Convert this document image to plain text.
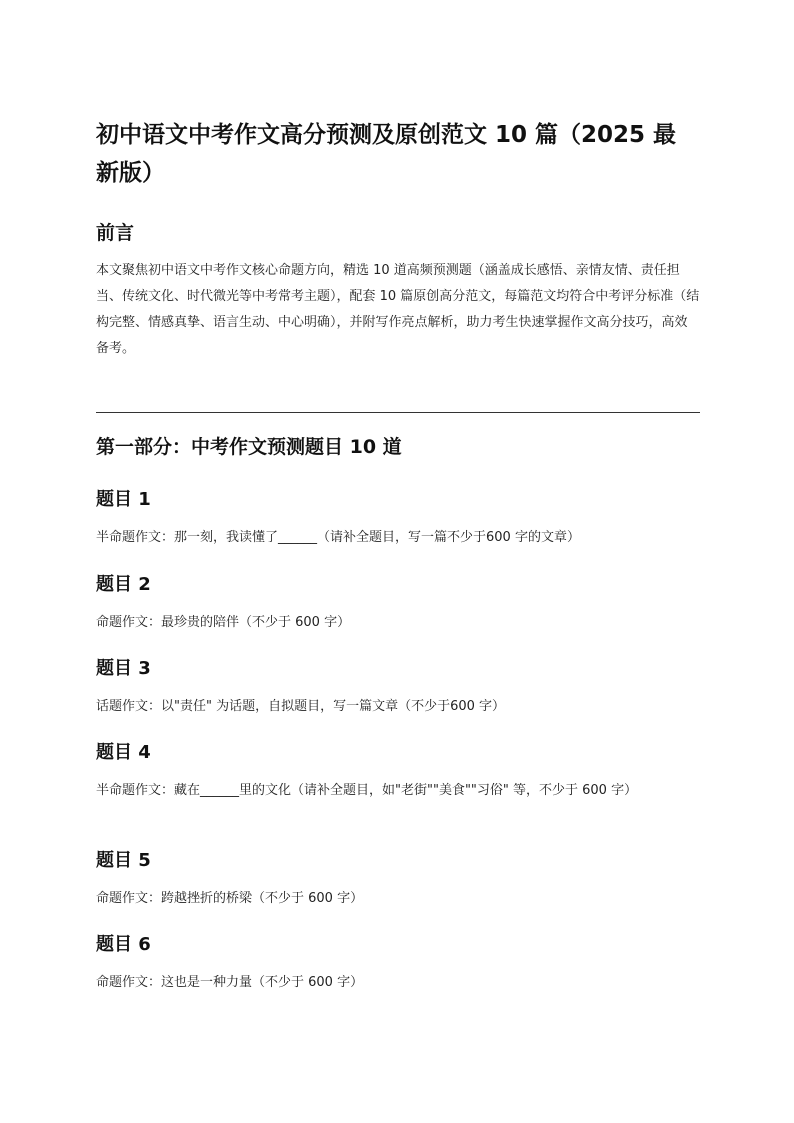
初中语文中考作文高分预测及原创范文 10 篇（2025 最新版）
前言

本文聚焦初中语文中考作文核心命题方向，精选 10 道高频预测题（涵盖成长感悟、亲情友情、责任担当、传统文化、时代微光等中考常考主题），配套 10 篇原创高分范文，每篇范文均符合中考评分标准（结构完整、情感真挚、语言生动、中心明确），并附写作亮点解析，助力考生快速掌握作文高分技巧，高效备考。

第一部分：中考作文预测题目 10 道
题目 1

半命题作文：那一刻，我读懂了______（请补全题目，写一篇不少于600 字的文章）

题目 2

命题作文：最珍贵的陪伴（不少于 600 字）

题目 3

话题作文：以"责任" 为话题，自拟题目，写一篇文章（不少于600 字）

题目 4

半命题作文：藏在______里的文化（请补全题目，如"老街""美食""习俗" 等，不少于 600 字）

题目 5

命题作文：跨越挫折的桥梁（不少于 600 字）

题目 6

命题作文：这也是一种力量（不少于 600 字）
